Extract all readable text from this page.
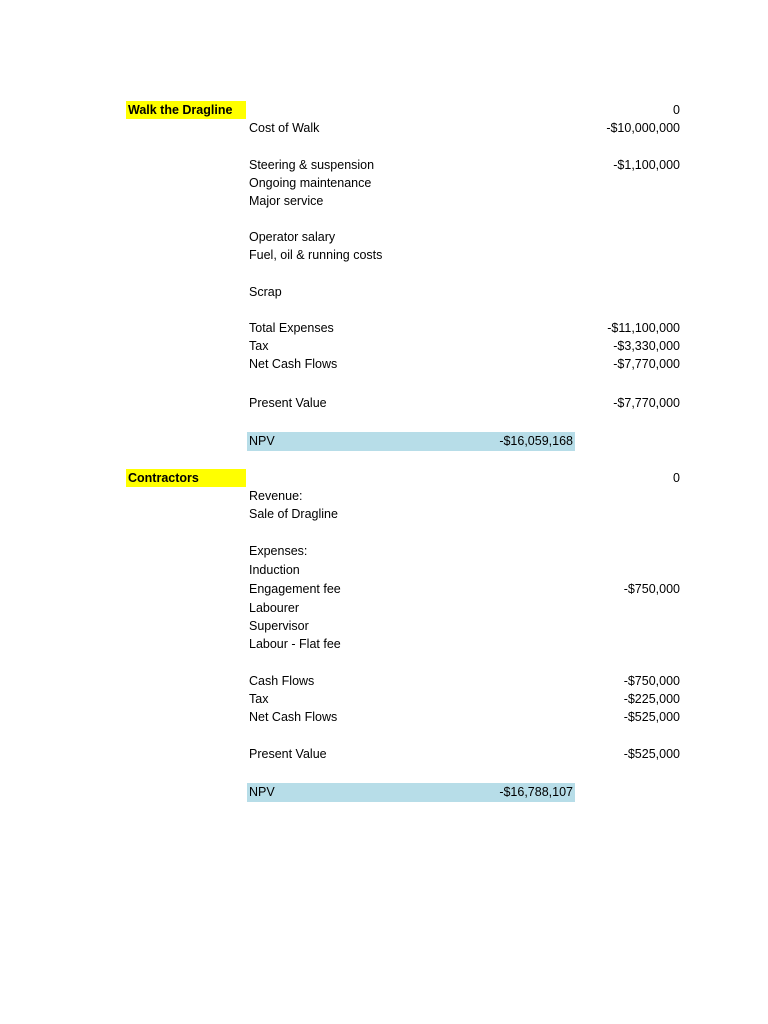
Walk the Dragline	0
Cost of Walk	-$10,000,000
Steering & suspension	-$1,100,000
Ongoing maintenance
Major service
Operator salary
Fuel, oil & running costs
Scrap
Total Expenses	-$11,100,000
Tax	-$3,330,000
Net Cash Flows	-$7,770,000
Present Value	-$7,770,000
NPV	-$16,059,168
Contractors	0
Revenue:
Sale of Dragline
Expenses:
Induction
Engagement fee	-$750,000
Labourer
Supervisor
Labour - Flat fee
Cash Flows	-$750,000
Tax	-$225,000
Net Cash Flows	-$525,000
Present Value	-$525,000
NPV	-$16,788,107
